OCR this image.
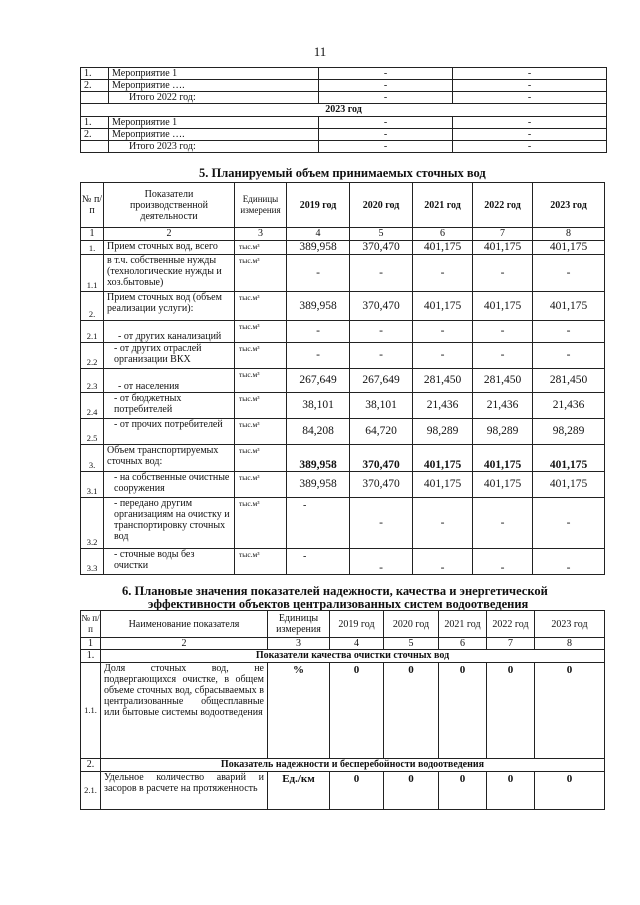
11
1.	Мероприятие 1	-	-
2.	Мероприятие ….	-	-
	Итого 2022 год:	-	-
2023 год			
1.	Мероприятие 1	-	-
2.	Мероприятие ….	-	-
	Итого 2023 год:	-	-
5. Планируемый объем принимаемых сточных вод
№ п/ п	Показатели производственной деятельности	Единицы измерения	2019 год	2020 год	2021 год	2022 год	2023 год
1	2	3	4	5	6	7	8
1.	Прием сточных вод, всего	тыс.м³	389,958	370,470	401,175	401,175	401,175
1.1	в т.ч. собственные нужды (технологические нужды и хоз.бытовые)	тыс.м³	-	-	-	-	-
2.	Прием сточных вод (объем реализации услуги):	тыс.м³	389,958	370,470	401,175	401,175	401,175
2.1	- от других канализаций	тыс.м³	-	-	-	-	-
2.2	- от других отраслей организации ВКХ	тыс.м³	-	-	-	-	-
2.3	- от населения	тыс.м³	267,649	267,649	281,450	281,450	281,450
2.4	- от бюджетных потребителей	тыс.м³	38,101	38,101	21,436	21,436	21,436
2.5	- от прочих потребителей	тыс.м³	84,208	64,720	98,289	98,289	98,289
3.	Объем транспортируемых сточных вод:	тыс.м³	389,958	370,470	401,175	401,175	401,175
3.1	- на собственные очистные сооружения	тыс.м³	389,958	370,470	401,175	401,175	401,175
3.2	- передано другим организациям на очистку и транспортировку сточных вод	тыс.м³	-	-	-	-	-
3.3	- сточные воды без очистки	тыс.м³	-	-	-	-	-
6. Плановые значения показателей надежности, качества и энергетической
эффективности объектов централизованных систем водоотведения
№ п/п	Наименование показателя	Единицы измерения	2019 год	2020 год	2021 год	2022 год	2023 год
1	2	3	4	5	6	7	8
1.	Показатели качества очистки сточных вод						
1.1.	Доля сточных вод, не подвергающихся очистке, в общем объеме сточных вод, сбрасываемых в централизованные общесплавные или бытовые системы водоотведения	%	0	0	0	0	0
2.	Показатель надежности и бесперебойности водоотведения						
2.1.	Удельное количество аварий и засоров в расчете на протяженность	Ед./км	0	0	0	0	0
